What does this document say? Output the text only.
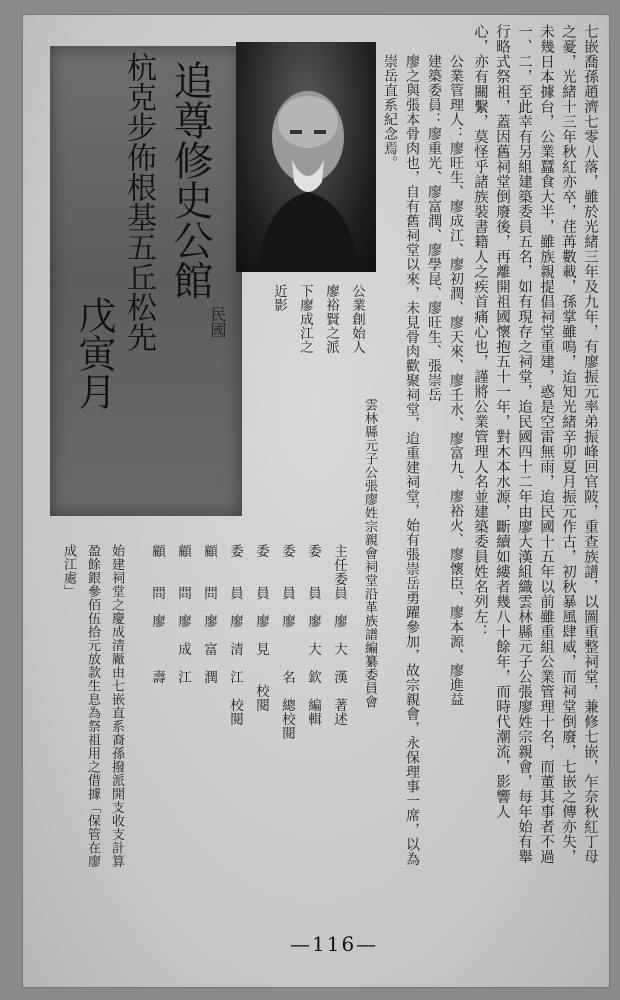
追尊修史公館
杭克步佈根基五丘松先
戊寅月	民國	公業創始人
廖裕賢之派
下廖成江之
近影	七嵌喬孫趙濟七零八落，雖於光緒三年及九年，有廖振元率弟振峰回官陂，重查族譜，以圖重整祠堂，兼修七嵌，乍奈秋紅丁母
之憂，光緒十三年秋紅亦卒，荏苒數載，孫掌雖鳴，迨知光緒辛卯夏月振元作古，初秋暴風肆威，而祠堂倒廢，七嵌之傳亦失，
未幾日本據台，公業蠶食大半，雖族親提倡祠堂重建，惑是空雷無雨，迨民國十五年以前雖重組公業管理十名，而董其事者不過
一、二，至此幸有另組建築委員五名，如有現存之祠堂，迨民國四十二年由廖大漢組織雲林縣元子公張廖姓宗親會，每年始有舉
行略式祭祖，蓋因舊祠堂倒廢後，再離開祖國懷抱五十一年，對木本水源，斷續如縷者幾八十餘年，而時代潮流，影響人
心，亦有關繫，莫怪乎諸族裝書籍人之疾首痛心也，謹將公業管理人名並建築委員姓名列左：
公業管理人：廖旺生、廖成江、廖初潤、廖天來、廖壬水、廖富九、廖裕火、廖懷臣、廖本源、廖進益
建築委員：廖重光、廖富潤、廖學昆、廖旺生、張崇岳
廖之與張本骨肉也，自有舊祠堂以來，未見骨肉歡聚祠堂，迨重建祠堂，始有張崇岳勇躍參加，故宗親會，永保理事一席，以為
崇岳直系紀念焉。
雲林縣元子公張廖姓宗親會祠堂沿革族譜編纂委員會
主任委員　廖　大　漢　著述
委　　員　廖　大　欽　編輯
委　　員　廖　　　名　總校閱
委　　員　廖　見　　校閱
委　　員　廖　清　江　校閱
顧　　問　廖　富　潤
顧　　問　廖　成　江
顧　　問　廖　　　壽
始建祠堂之慶成清厰由七嵌直系裔孫撥派開支收支計算
盈餘銀參佰伍拾元放款生息為祭祖用之借據「保管在廖
成江處」
—116—
